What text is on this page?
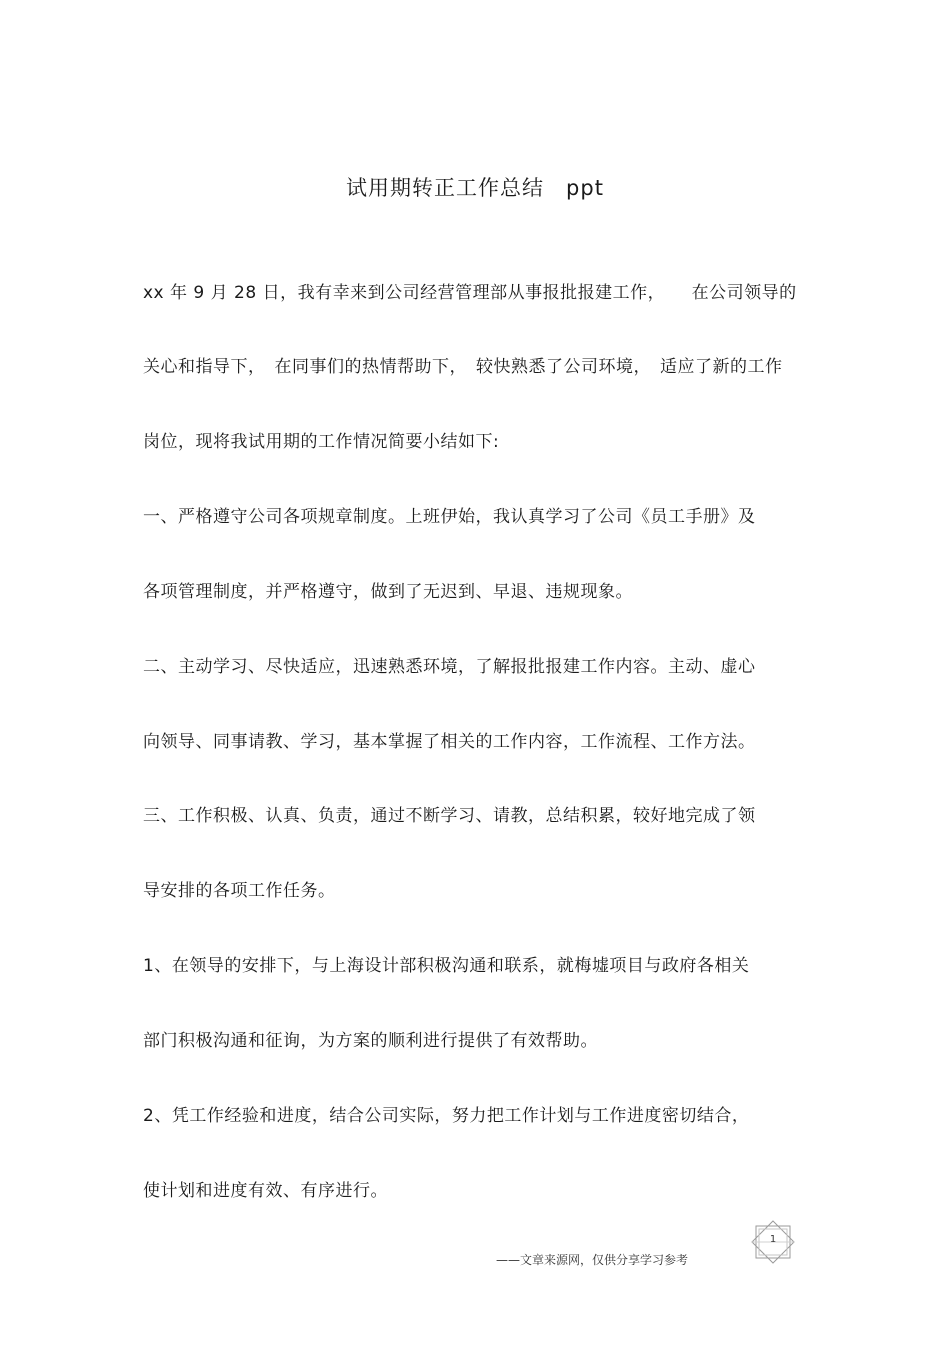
试用期转正工作总结 ppt
xx 年 9 月 28 日，我有幸来到公司经营管理部从事报批报建工作，　　在公司领导的
关心和指导下，　在同事们的热情帮助下，　较快熟悉了公司环境，　适应了新的工作
岗位，现将我试用期的工作情况简要小结如下:
一、严格遵守公司各项规章制度。上班伊始，我认真学习了公司《员工手册》及
各项管理制度，并严格遵守，做到了无迟到、早退、违规现象。
二、主动学习、尽快适应，迅速熟悉环境，了解报批报建工作内容。主动、虚心
向领导、同事请教、学习，基本掌握了相关的工作内容，工作流程、工作方法。
三、工作积极、认真、负责，通过不断学习、请教，总结积累，较好地完成了领
导安排的各项工作任务。
1、在领导的安排下，与上海设计部积极沟通和联系，就梅墟项目与政府各相关
部门积极沟通和征询，为方案的顺利进行提供了有效帮助。
2、凭工作经验和进度，结合公司实际，努力把工作计划与工作进度密切结合，
使计划和进度有效、有序进行。
——文章来源网，仅供分享学习参考
1
